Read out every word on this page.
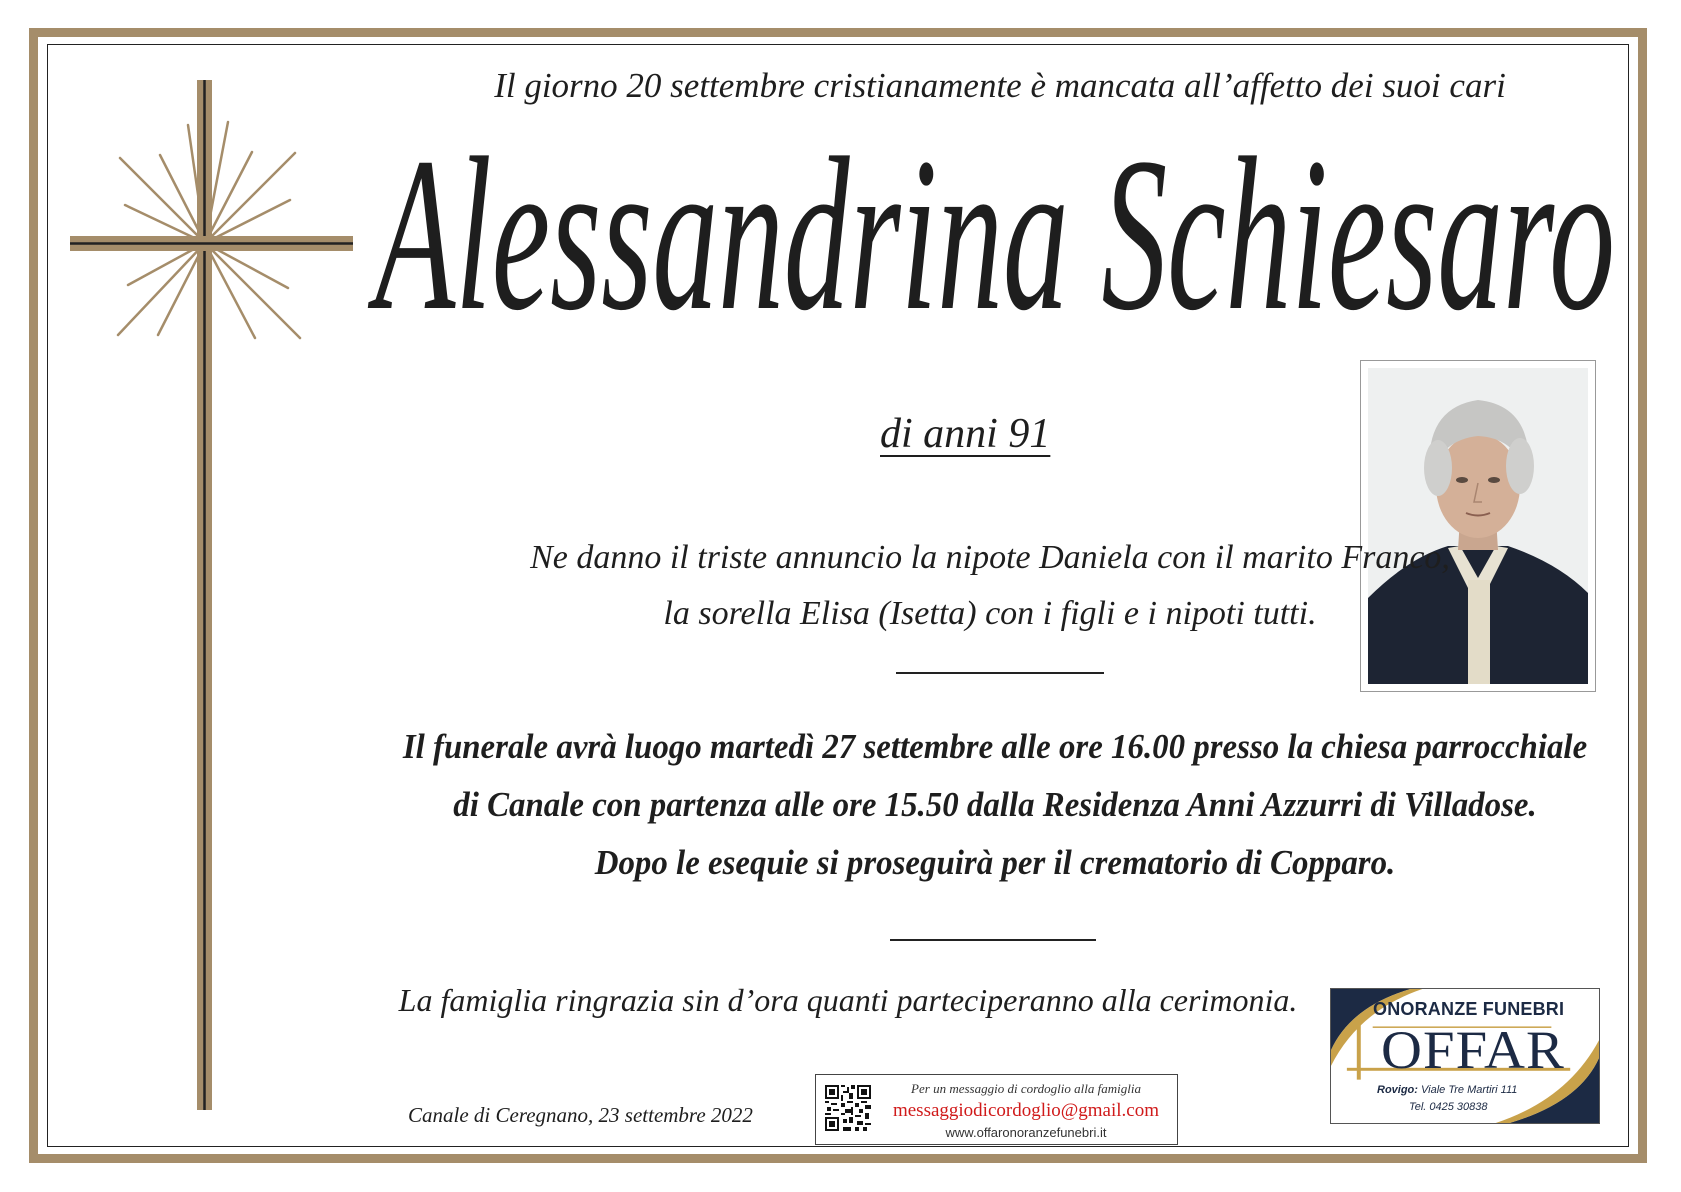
Il giorno 20 settembre cristianamente è mancata all’affetto dei suoi cari
Alessandrina Schiesaro
di anni 91
Ne danno il triste annuncio la nipote Daniela con il marito Franco,
la sorella Elisa (Isetta) con i figli e i nipoti tutti.
Il funerale avrà luogo martedì 27 settembre alle ore 16.00 presso la chiesa parrocchiale
di Canale con partenza alle ore 15.50 dalla Residenza Anni Azzurri di Villadose.
Dopo le esequie si proseguirà per il crematorio di Copparo.
La famiglia ringrazia sin d’ora quanti parteciperanno alla cerimonia.
Canale di Ceregnano, 23 settembre 2022
Per un messaggio di cordoglio alla famiglia
messaggiodicordoglio@gmail.com
www.offaronoranzefunebri.it
ONORANZE FUNEBRI
OFFAR
Rovigo: Viale Tre Martiri 111
Tel. 0425 30838
